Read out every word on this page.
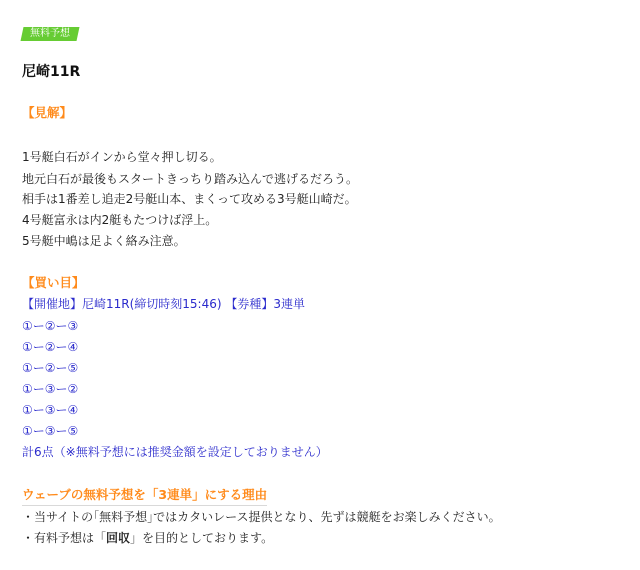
無料予想
尼崎11R
【見解】
1号艇白石がインから堂々押し切る。
地元白石が最後もスタートきっちり踏み込んで逃げるだろう。
相手は1番差し追走2号艇山本、まくって攻める3号艇山崎だ。
4号艇富永は内2艇もたつけば浮上。
5号艇中嶋は足よく絡み注意。
【買い目】
【開催地】尼崎11R(締切時刻15:46) 【券種】3連単
①ー②ー③
①ー②ー④
①ー②ー⑤
①ー③ー②
①ー③ー④
①ー③ー⑤
計6点（※無料予想には推奨金額を設定しておりません）
ウェーブの無料予想を「3連単」にする理由
・当サイトの｢無料予想｣ではカタいレース提供となり、先ずは競艇をお楽しみください。
・有料予想は「回収」を目的としております。
